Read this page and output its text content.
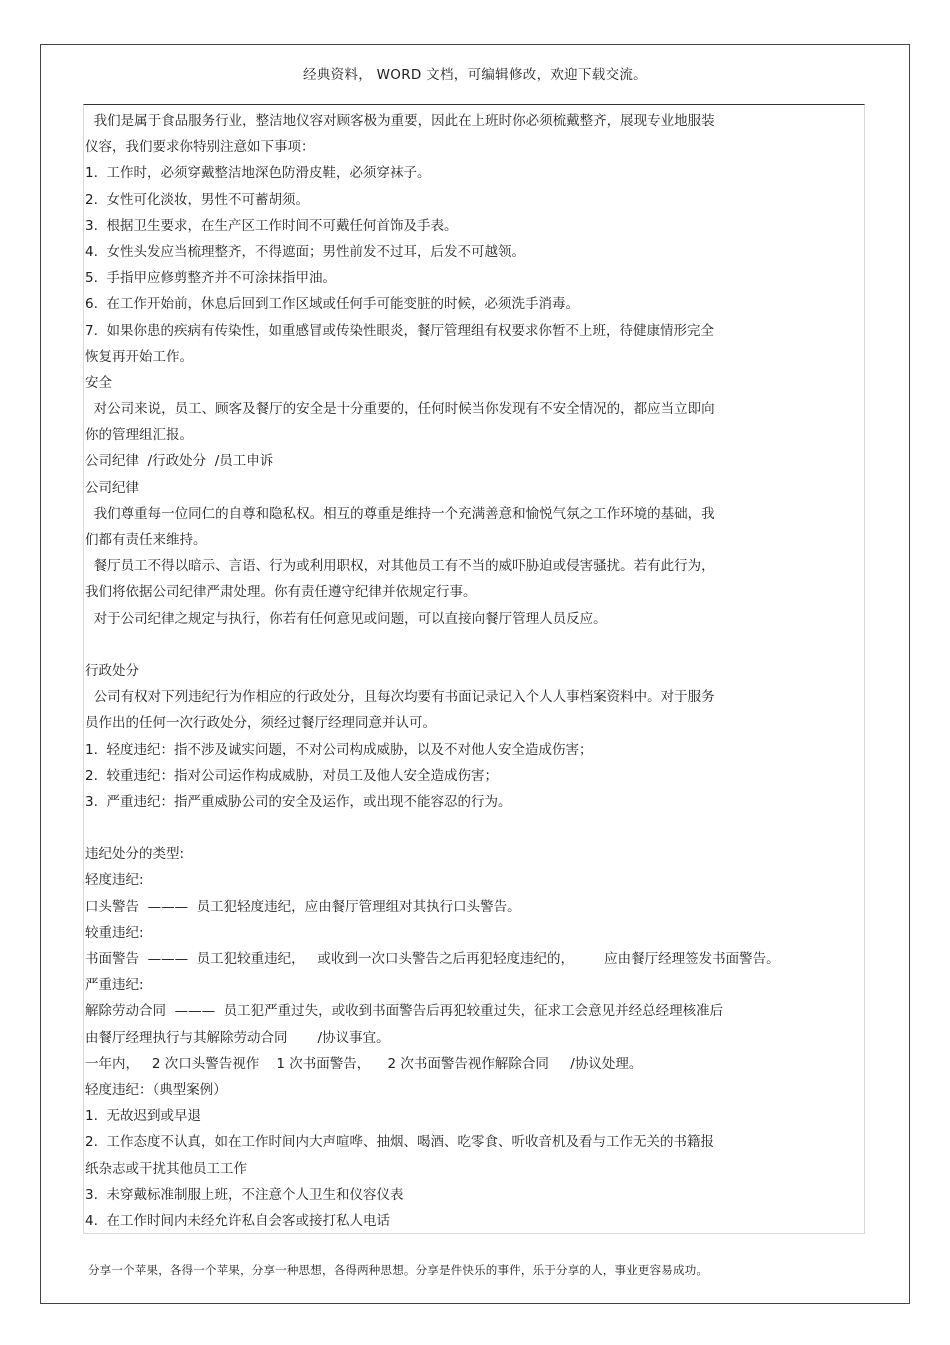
经典资料， WORD 文档，可编辑修改，欢迎下载交流。
我们是属于食品服务行业，整洁地仪容对顾客极为重要，因此在上班时你必须梳戴整齐，展现专业地服装
仪容，我们要求你特别注意如下事项：
1.  工作时，必须穿戴整洁地深色防滑皮鞋，必须穿袜子。
2.  女性可化淡妆，男性不可蓄胡须。
3.  根据卫生要求，在生产区工作时间不可戴任何首饰及手表。
4.  女性头发应当梳理整齐，不得遮面；男性前发不过耳，后发不可越领。
5.  手指甲应修剪整齐并不可涂抹指甲油。
6.  在工作开始前，休息后回到工作区域或任何手可能变脏的时候，必须洗手消毒。
7.  如果你患的疾病有传染性，如重感冒或传染性眼炎，餐厅管理组有权要求你暂不上班，待健康情形完全
恢复再开始工作。
安全
对公司来说，员工、顾客及餐厅的安全是十分重要的，任何时候当你发现有不安全情况的，都应当立即向
你的管理组汇报。
公司纪律  /行政处分  /员工申诉
公司纪律
我们尊重每一位同仁的自尊和隐私权。相互的尊重是维持一个充满善意和愉悦气氛之工作环境的基础，我
们都有责任来维持。
餐厅员工不得以暗示、言语、行为或利用职权，对其他员工有不当的威吓胁迫或侵害骚扰。若有此行为，
我们将依据公司纪律严肃处理。你有责任遵守纪律并依规定行事。
对于公司纪律之规定与执行，你若有任何意见或问题，可以直接向餐厅管理人员反应。
行政处分
公司有权对下列违纪行为作相应的行政处分，且每次均要有书面记录记入个人人事档案资料中。对于服务
员作出的任何一次行政处分，须经过餐厅经理同意并认可。
1.  轻度违纪：指不涉及诚实问题，不对公司构成威胁，以及不对他人安全造成伤害；
2.  较重违纪：指对公司运作构成威胁，对员工及他人安全造成伤害；
3.  严重违纪：指严重威胁公司的安全及运作，或出现不能容忍的行为。
违纪处分的类型:
轻度违纪:
口头警告  ———  员工犯轻度违纪，应由餐厅管理组对其执行口头警告。
较重违纪:
书面警告  ———  员工犯较重违纪，   或收到一次口头警告之后再犯轻度违纪的，       应由餐厅经理签发书面警告。
严重违纪:
解除劳动合同  ———  员工犯严重过失，或收到书面警告后再犯较重过失，征求工会意见并经总经理核准后
由餐厅经理执行与其解除劳动合同       /协议事宜。
一年内，   2 次口头警告视作    1 次书面警告，    2 次书面警告视作解除合同     /协议处理。
轻度违纪：（典型案例）
1.  无故迟到或早退
2.  工作态度不认真，如在工作时间内大声喧哗、抽烟、喝酒、吃零食、听收音机及看与工作无关的书籍报
纸杂志或干扰其他员工工作
3.  未穿戴标准制服上班，不注意个人卫生和仪容仪表
4.  在工作时间内未经允许私自会客或接打私人电话
分享一个苹果，各得一个苹果，分享一种思想，各得两种思想。分享是件快乐的事件，乐于分享的人，事业更容易成功。
